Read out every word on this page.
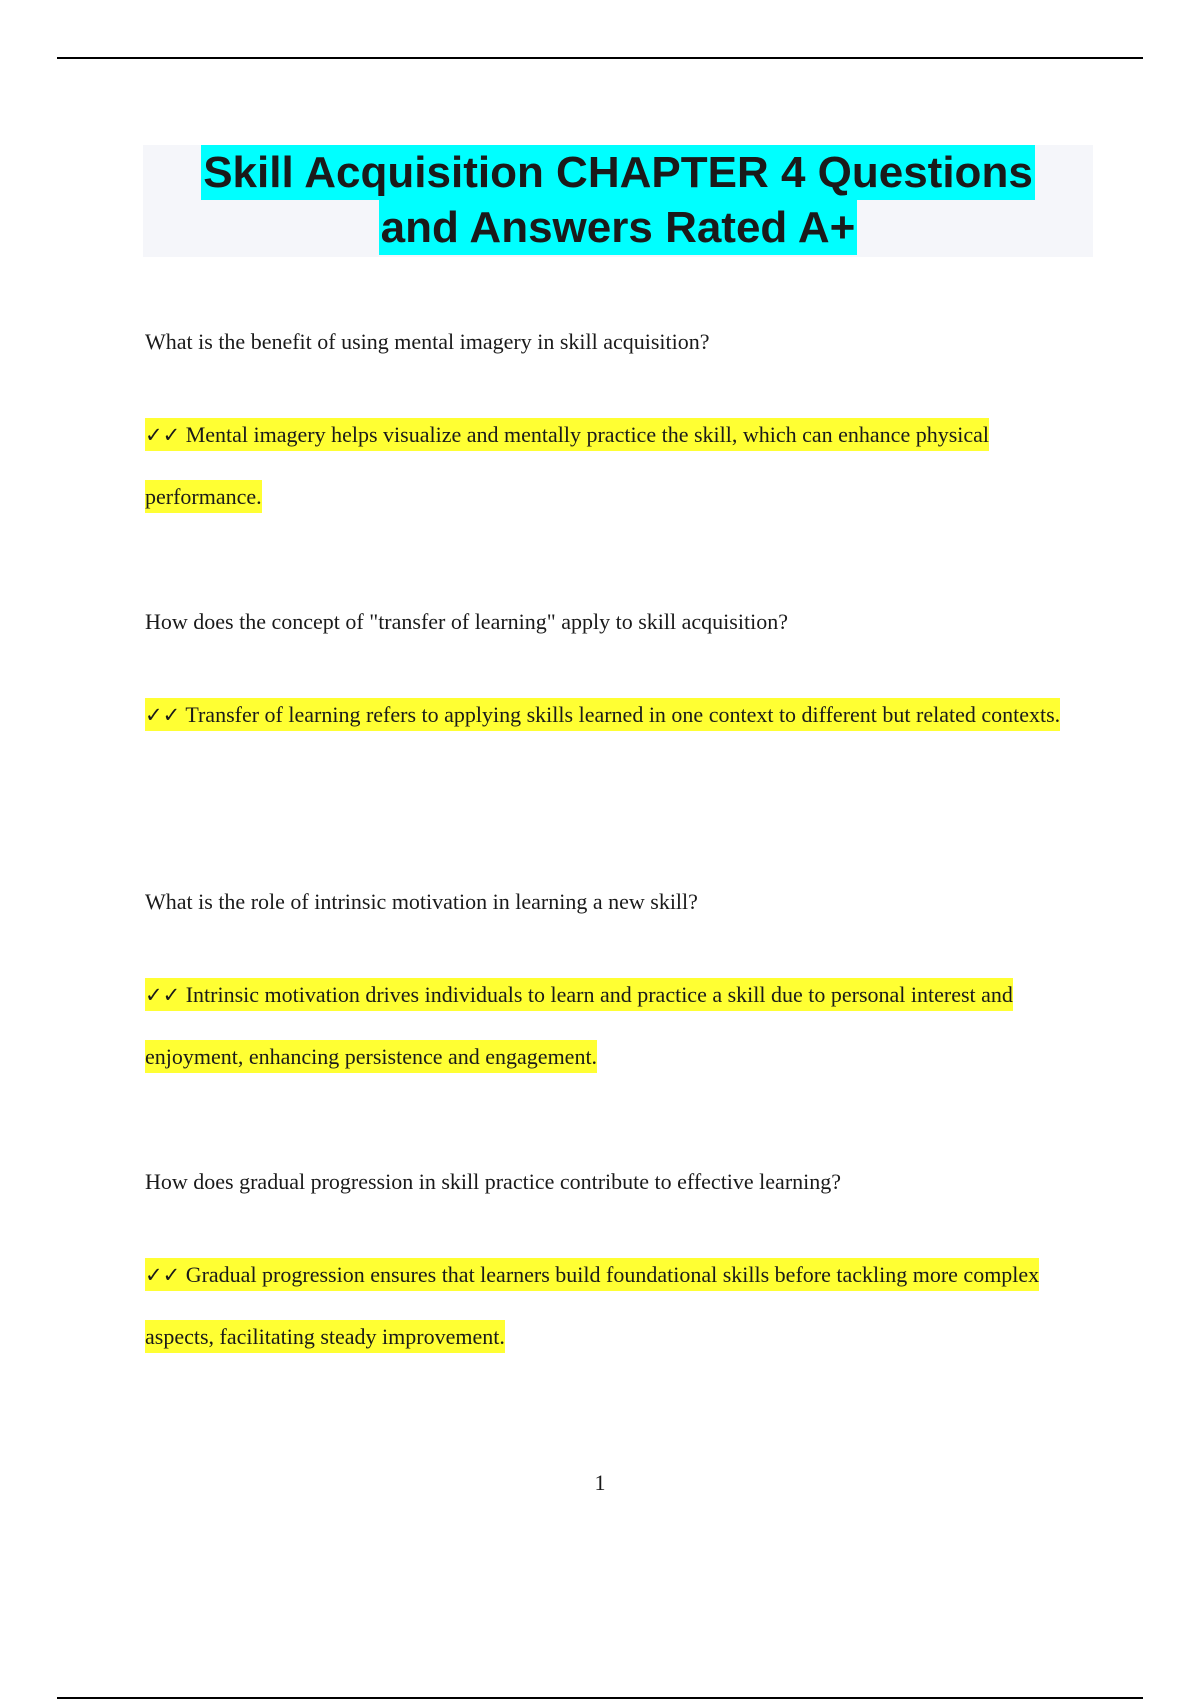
Skill Acquisition CHAPTER 4 Questions
and Answers Rated A+
What is the benefit of using mental imagery in skill acquisition?
✓✓ Mental imagery helps visualize and mentally practice the skill, which can enhance physical performance.
How does the concept of "transfer of learning" apply to skill acquisition?
✓✓ Transfer of learning refers to applying skills learned in one context to different but related contexts.
What is the role of intrinsic motivation in learning a new skill?
✓✓ Intrinsic motivation drives individuals to learn and practice a skill due to personal interest and enjoyment, enhancing persistence and engagement.
How does gradual progression in skill practice contribute to effective learning?
✓✓ Gradual progression ensures that learners build foundational skills before tackling more complex aspects, facilitating steady improvement.
1
